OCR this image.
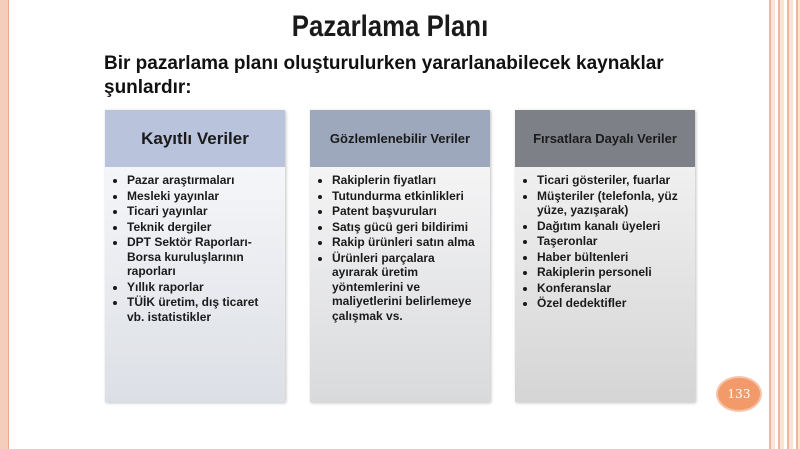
Pazarlama Planı
Bir pazarlama planı oluşturulurken yararlanabilecek kaynaklar şunlardır:
Kayıtlı Veriler
• Pazar araştırmaları
• Mesleki yayınlar
• Ticari yayınlar
• Teknik dergiler
• DPT Sektör Raporları-Borsa kuruluşlarının raporları
• Yıllık raporlar
• TÜİK üretim, dış ticaret vb. istatistikler
Gözlemlenebilir Veriler
• Rakiplerin fiyatları
• Tutundurma etkinlikleri
• Patent başvuruları
• Satış gücü geri bildirimi
• Rakip ürünleri satın alma
• Ürünleri parçalara ayırarak üretim yöntemlerini ve maliyetlerini belirlemeye çalışmak vs.
Fırsatlara Dayalı Veriler
• Ticari gösteriler, fuarlar
• Müşteriler (telefonla, yüz yüze, yazışarak)
• Dağıtım kanalı üyeleri
• Taşeronlar
• Haber bültenleri
• Rakiplerin personeli
• Konferanslar
• Özel dedektifler
133
